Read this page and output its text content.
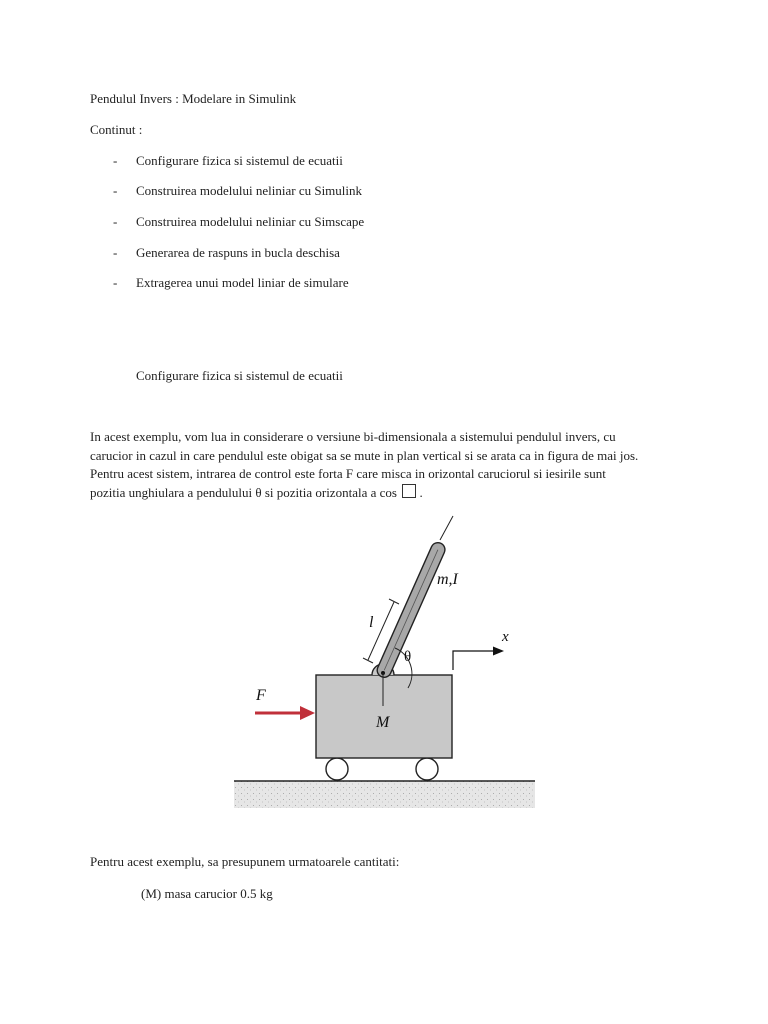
Pendulul Invers : Modelare in Simulink
Continut :
- Configurare fizica si sistemul de ecuatii
- Construirea modelului neliniar cu Simulink
- Construirea modelului neliniar cu Simscape
- Generarea de raspuns in bucla deschisa
- Extragerea unui model liniar de simulare
Configurare fizica si sistemul de ecuatii
In acest exemplu, vom lua in considerare o versiune bi-dimensionala a sistemului pendulul invers, cu
carucior in cazul in care pendulul este obigat sa se mute in plan vertical si se arata ca in figura de mai jos.
Pentru acest sistem, intrarea de control este forta F care misca in orizontal caruciorul si iesirile sunt
pozitia unghiulara a pendulului θ si pozitia orizontala a cos .
θ
l
m,I
x
F
M
Pentru acest exemplu, sa presupunem urmatoarele cantitati:
(M) masa carucior 0.5 kg
